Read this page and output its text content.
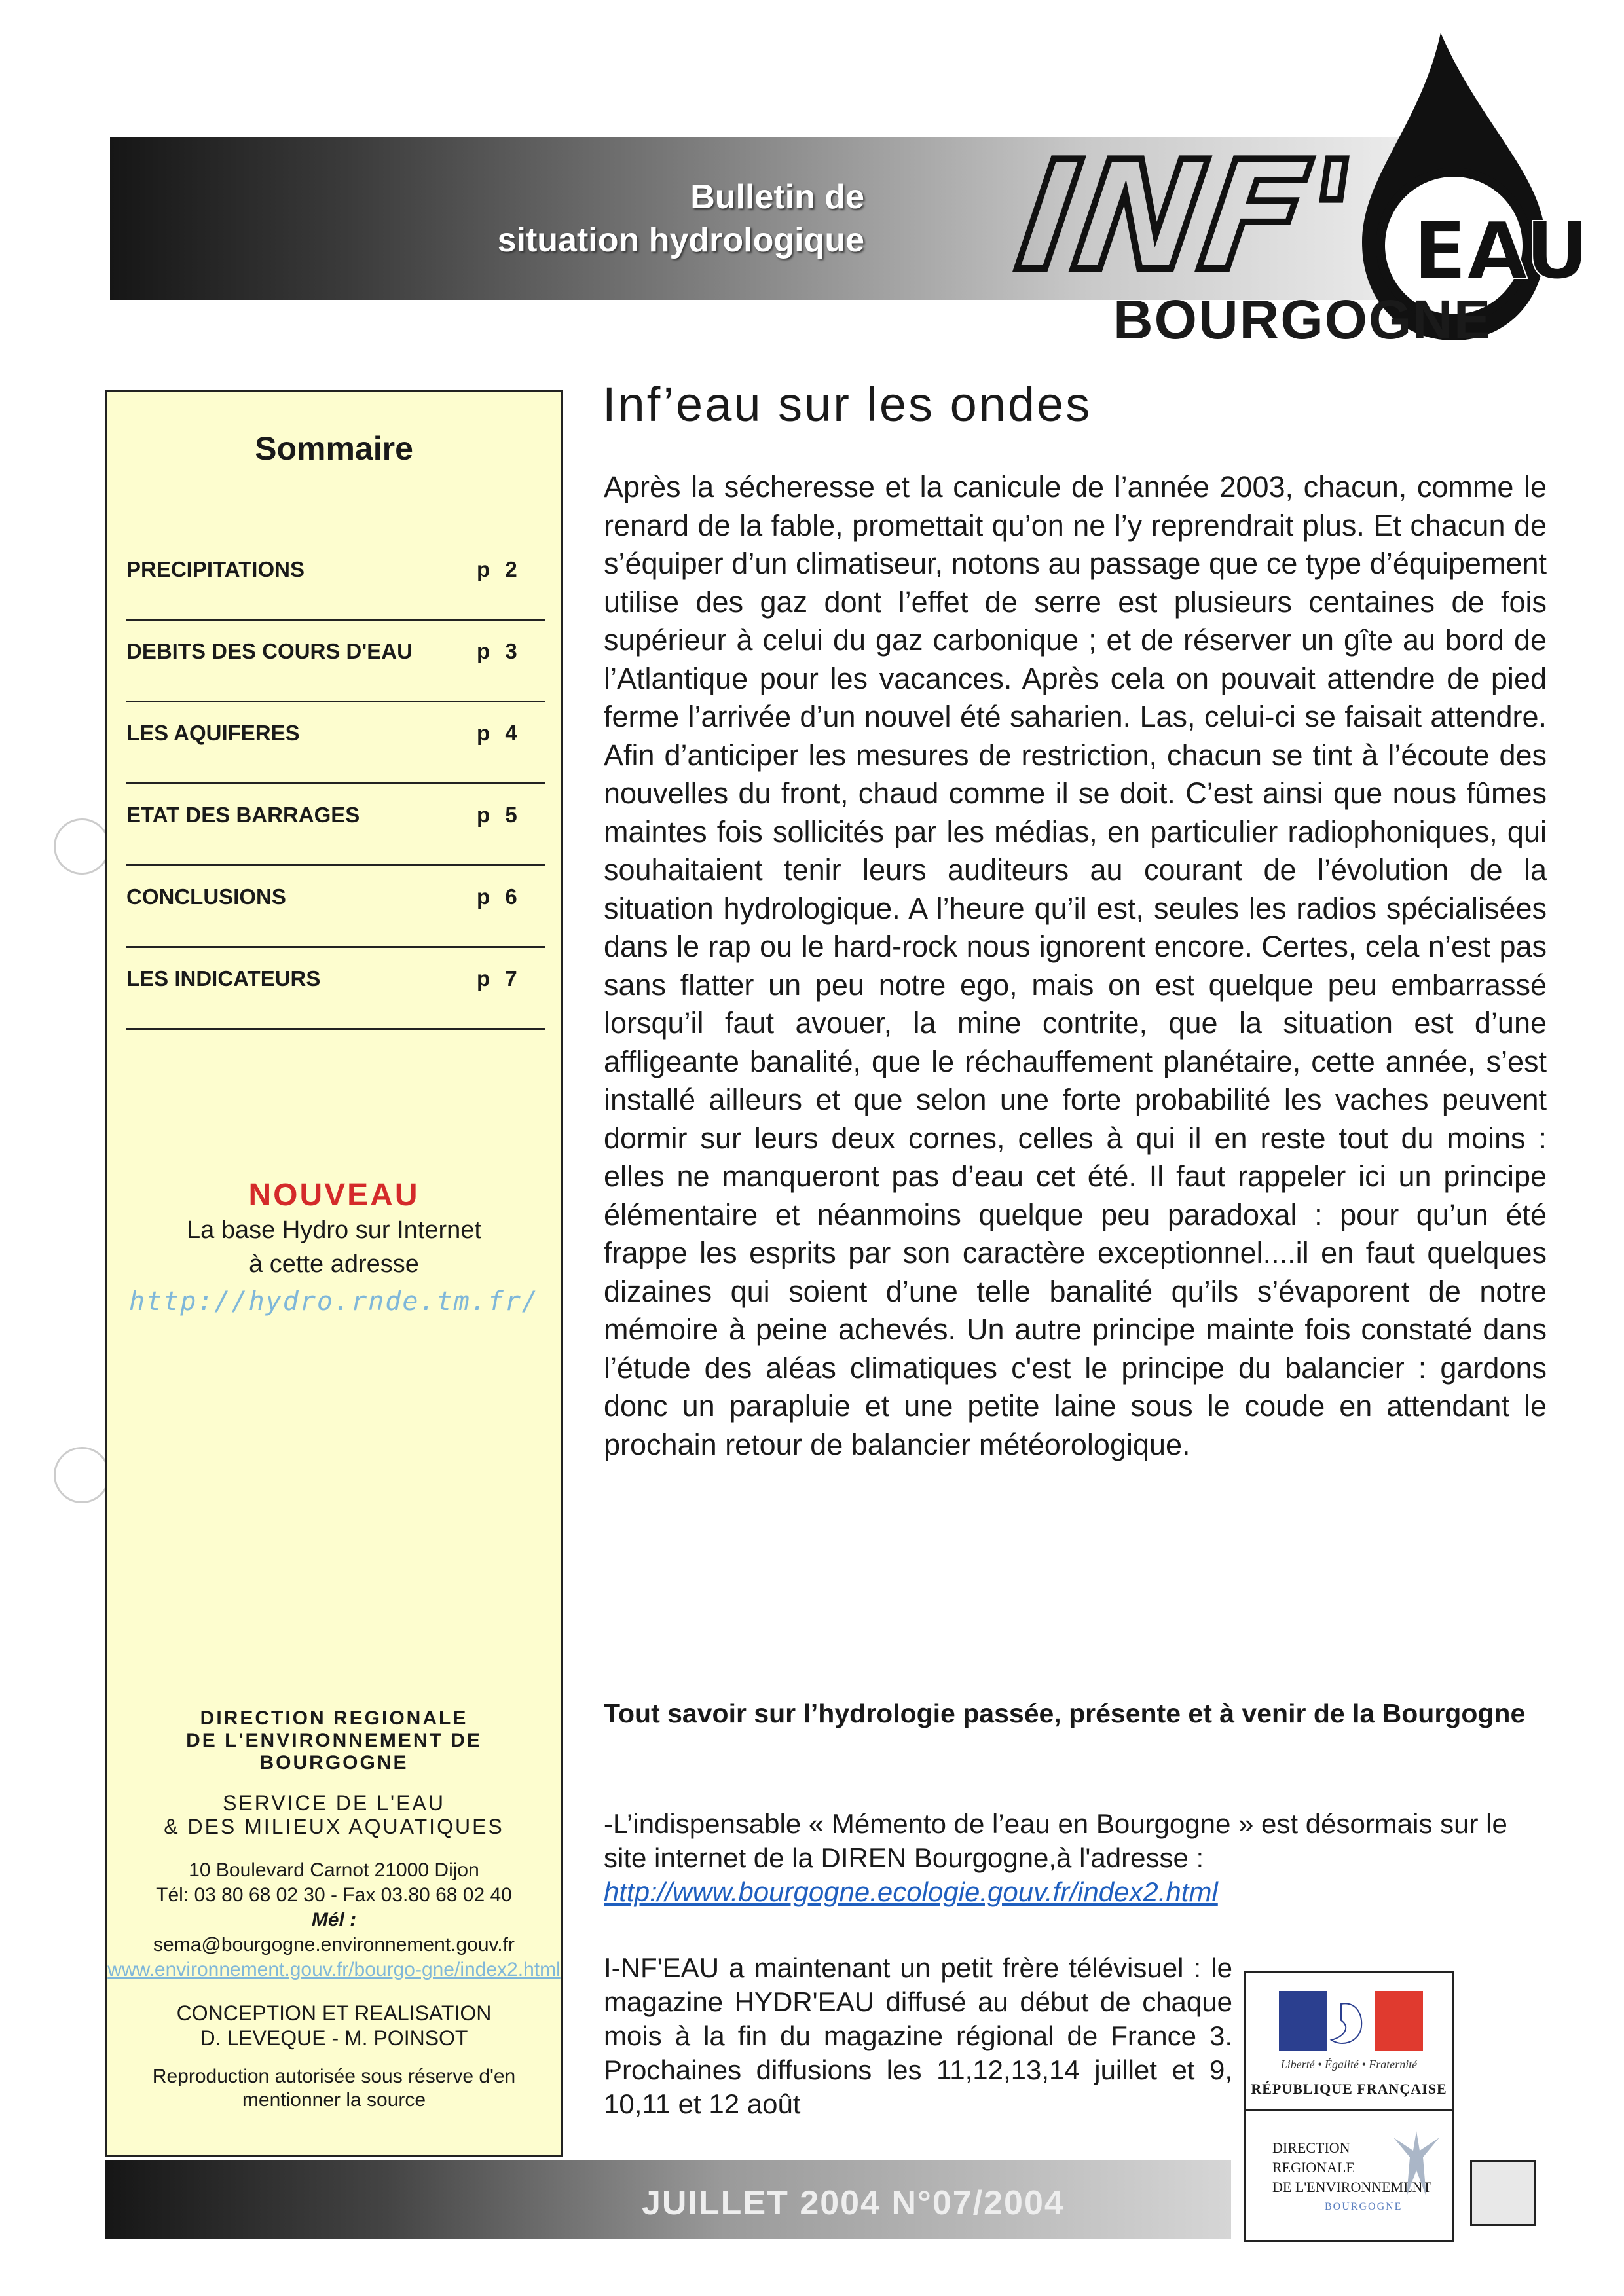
Bulletin de
situation hydrologique INF' EAU
BOURGOGNE
Sommaire
PRECIPITATIONS	p 2
DEBITS DES COURS D'EAU	p 3
LES AQUIFERES	p 4
ETAT DES BARRAGES	p 5
CONCLUSIONS	p 6
LES INDICATEURS	p 7
NOUVEAU
La base Hydro sur Internet
à cette adresse
http://hydro.rnde.tm.fr/
DIRECTION REGIONALE
DE L'ENVIRONNEMENT DE
BOURGOGNE
SERVICE DE L'EAU
& DES MILIEUX AQUATIQUES
10 Boulevard Carnot 21000 Dijon
Tél: 03 80 68 02 30 - Fax 03.80 68 02 40
Mél :
sema@bourgogne.environnement.gouv.fr
www.environnement.gouv.fr/bourgo-gne/index2.html
CONCEPTION ET REALISATION
D. LEVEQUE - M. POINSOT
Reproduction autorisée sous réserve d'en mentionner la source
Inf’eau sur les ondes
Après la sécheresse et la canicule de l’année 2003, chacun, comme le renard de la fable, promettait qu’on ne l’y reprendrait plus. Et chacun de s’équiper d’un climatiseur, notons au passage que ce type d’équipement utilise des gaz dont l’effet de serre est plusieurs centaines de fois supérieur à celui du gaz carbonique ; et de réserver un gîte au bord de l’Atlantique pour les vacances. Après cela on pouvait attendre de pied ferme l’arrivée d’un nouvel été saharien. Las, celui-ci se faisait attendre. Afin d’anticiper les mesures de restriction, chacun se tint à l’écoute des nouvelles du front, chaud comme il se doit. C’est ainsi que nous fûmes maintes fois sollicités par les médias, en particulier radiophoniques, qui souhaitaient tenir leurs auditeurs au courant de l’évolution de la situation hydrologique. A l’heure qu’il est, seules les radios spécialisées dans le rap ou le hard-rock nous ignorent encore. Certes, cela n’est pas sans flatter un peu notre ego, mais on est quelque peu embarrassé lorsqu’il faut avouer, la mine contrite, que la situation est d’une affligeante banalité, que le réchauffement planétaire, cette année, s’est installé ailleurs et que selon une forte probabilité les vaches peuvent dormir sur leurs deux cornes, celles à qui il en reste tout du moins : elles ne manqueront pas d’eau cet été. Il faut rappeler ici un principe élémentaire et néanmoins quelque peu paradoxal : pour qu’un été frappe les esprits par son caractère exceptionnel....il en faut quelques dizaines qui soient d’une telle banalité qu’ils s’évaporent de notre mémoire à peine achevés. Un autre principe mainte fois constaté dans l’étude des aléas climatiques c'est le principe du balancier : gardons donc un parapluie et une petite laine sous le coude en attendant le prochain retour de balancier météorologique.
Tout savoir sur l’hydrologie passée, présente et à venir de la Bourgogne
-L’indispensable « Mémento de l’eau en Bourgogne » est désormais sur le site internet de la DIREN Bourgogne,à l'adresse :
http://www.bourgogne.ecologie.gouv.fr/index2.html
I-NF'EAU a maintenant un petit frère télévisuel : le magazine HYDR'EAU diffusé au début de chaque mois à la fin du magazine régional de France 3. Prochaines diffusions les 11,12,13,14 juillet et 9, 10,11 et 12 août
Liberté • Égalité • Fraternité
RÉPUBLIQUE FRANÇAISE
DIRECTION
REGIONALE
DE L'ENVIRONNEMENT
BOURGOGNE
JUILLET 2004 N°07/2004
